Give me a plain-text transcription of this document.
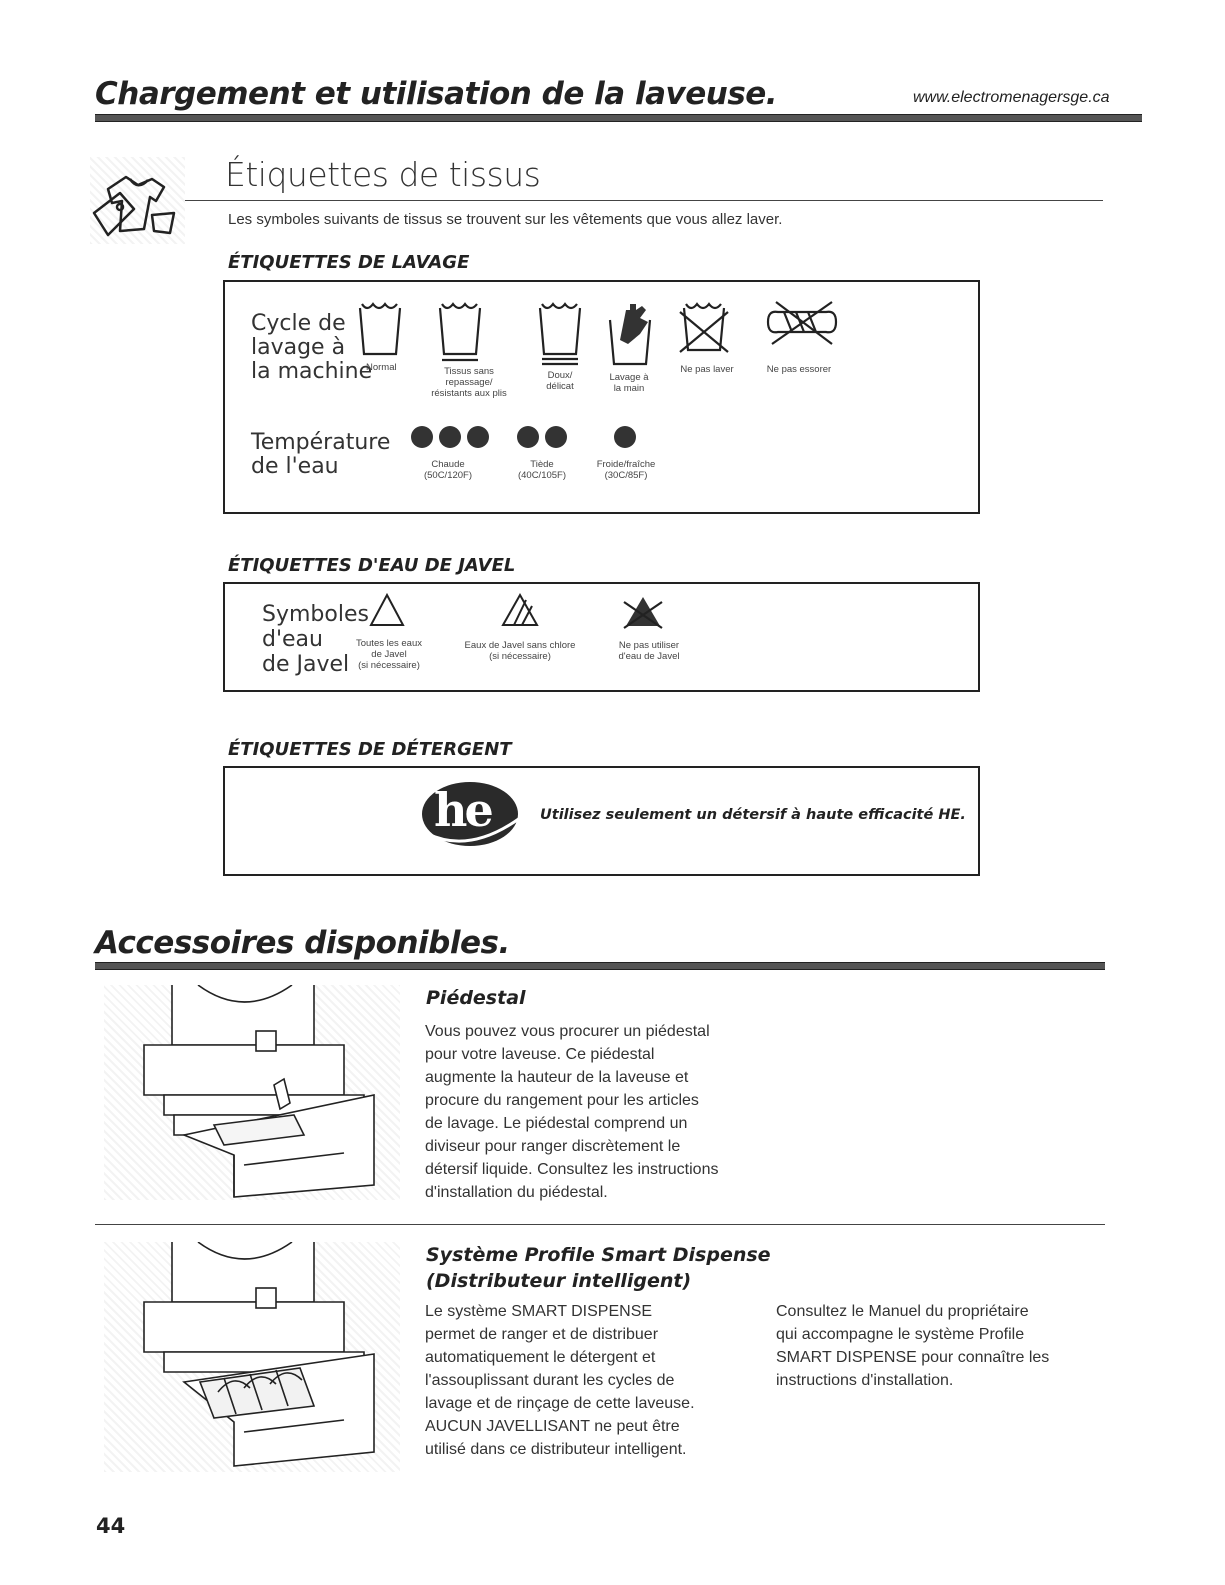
Chargement et utilisation de la laveuse.	www.electromenagersge.ca
Étiquettes de tissus
Les symboles suivants de tissus se trouvent sur les vêtements que vous allez laver.
ÉTIQUETTES DE LAVAGE
Cycle de
lavage à
la machine
Normal	Tissus sans
repassage/
résistants aux plis
Doux/
délicat
Lavage à
la main
Ne pas laver	Ne pas essorer
Température
de l'eau	Chaude
(50C/120F)
Tiède
(40C/105F)
Froide/fraîche
(30C/85F)
ÉTIQUETTES D'EAU DE JAVEL
Symboles
d'eau
de Javel
Toutes les eaux
de Javel
(si nécessaire)
Eaux de Javel sans chlore
(si nécessaire)
Ne pas utiliser
d'eau de Javel
ÉTIQUETTES DE DÉTERGENT
he	Utilisez seulement un détersif à haute efficacité HE.
Accessoires disponibles.
Piédestal
Vous pouvez vous procurer un piédestal
pour votre laveuse. Ce piédestal
augmente la hauteur de la laveuse et
procure du rangement pour les articles
de lavage. Le piédestal comprend un
diviseur pour ranger discrètement le
détersif liquide. Consultez les instructions
d'installation du piédestal.
Système Profile Smart Dispense
(Distributeur intelligent)
Le système SMART DISPENSE
permet de ranger et de distribuer
automatiquement le détergent et
l'assouplissant durant les cycles de
lavage et de rinçage de cette laveuse.
AUCUN JAVELLISANT ne peut être
utilisé dans ce distributeur intelligent.
Consultez le Manuel du propriétaire
qui accompagne le système Profile
SMART DISPENSE pour connaître les
instructions d'installation.
44
